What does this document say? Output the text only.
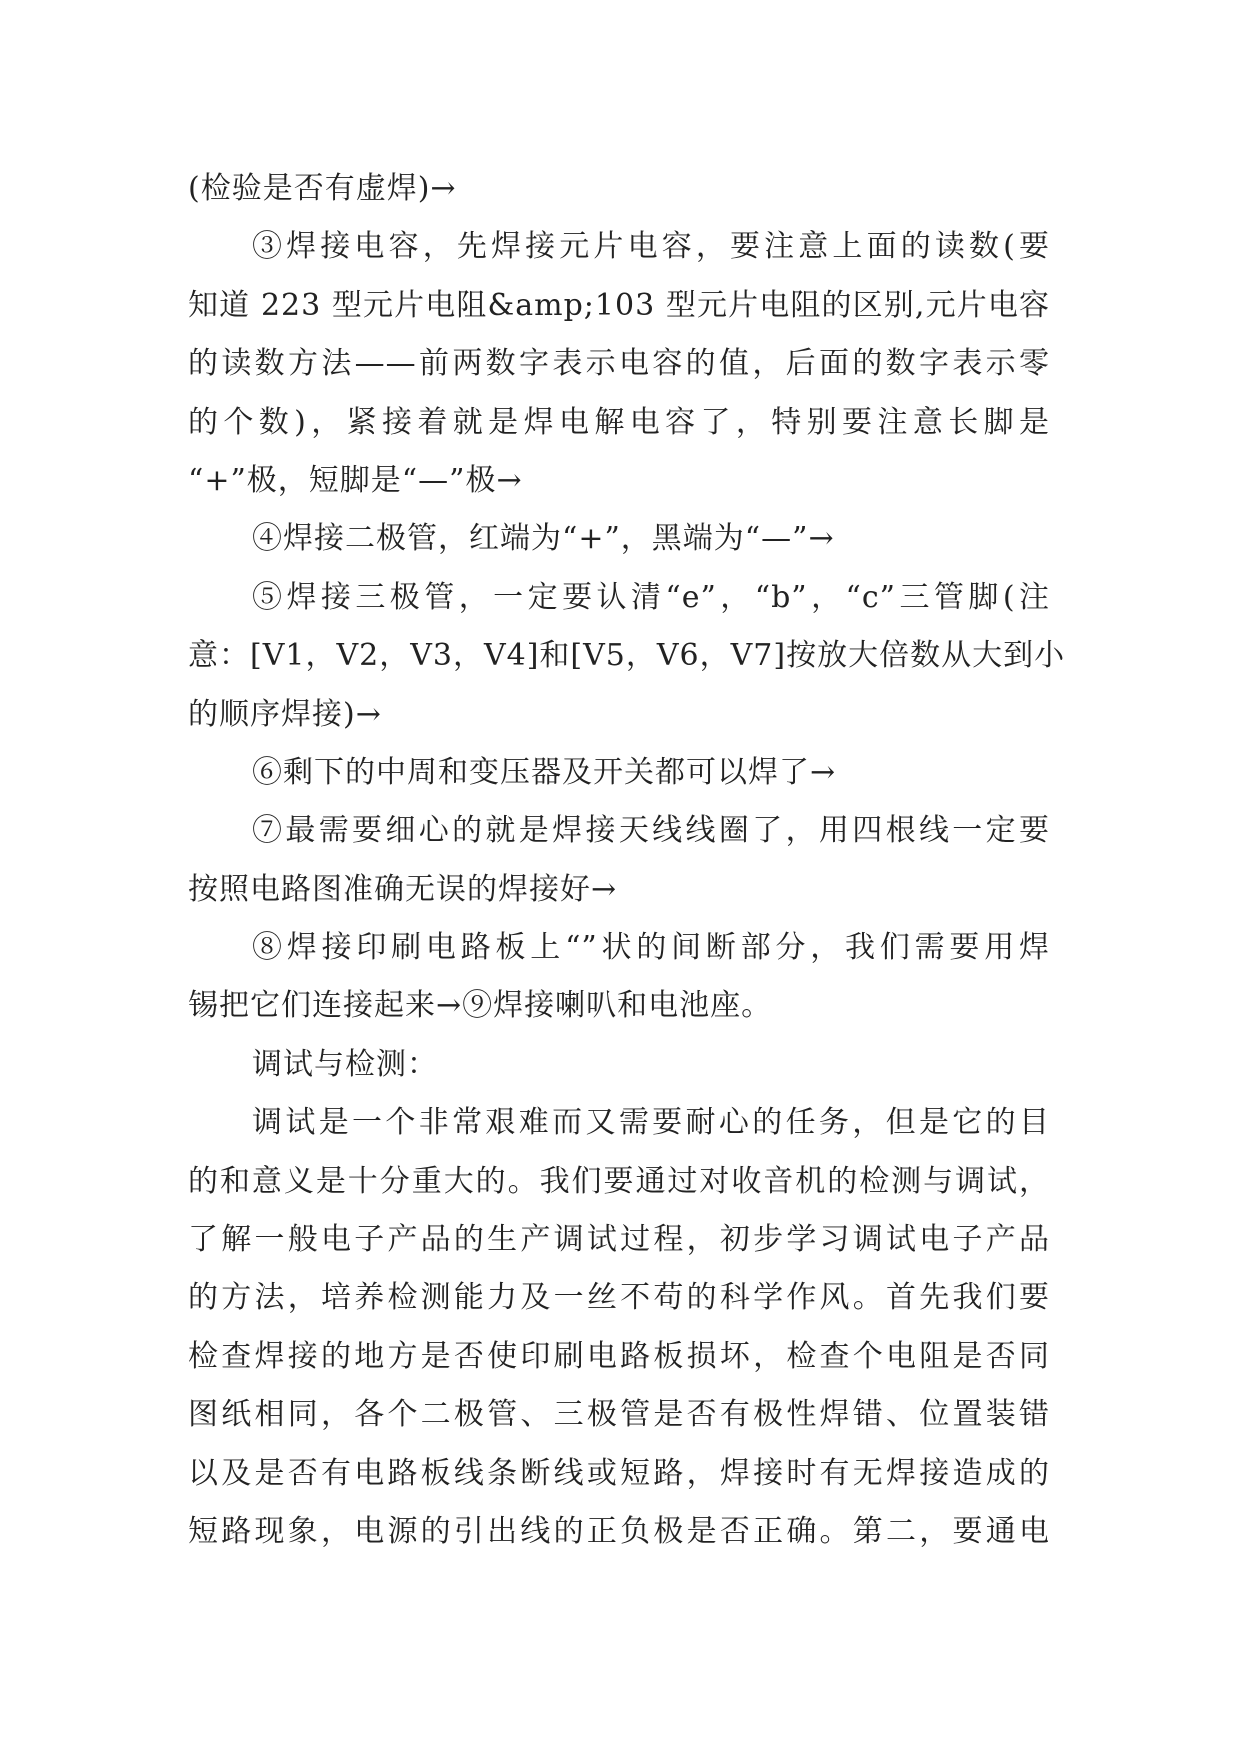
(检验是否有虚焊)→
③焊接电容，先焊接元片电容，要注意上面的读数(要
知道 223 型元片电阻&amp;103 型元片电阻的区别,元片电容
的读数方法——前两数字表示电容的值，后面的数字表示零
的个数)，紧接着就是焊电解电容了，特别要注意长脚是
“+”极，短脚是“—”极→
④焊接二极管，红端为“+”，黑端为“—”→
⑤焊接三极管，一定要认清“e”，“b”，“c”三管脚(注
意：[V1，V2，V3，V4]和[V5，V6，V7]按放大倍数从大到小
的顺序焊接)→
⑥剩下的中周和变压器及开关都可以焊了→
⑦最需要细心的就是焊接天线线圈了，用四根线一定要
按照电路图准确无误的焊接好→
⑧焊接印刷电路板上“”状的间断部分，我们需要用焊
锡把它们连接起来→⑨焊接喇叭和电池座。
调试与检测：
调试是一个非常艰难而又需要耐心的任务，但是它的目
的和意义是十分重大的。我们要通过对收音机的检测与调试，
了解一般电子产品的生产调试过程，初步学习调试电子产品
的方法，培养检测能力及一丝不苟的科学作风。首先我们要
检查焊接的地方是否使印刷电路板损坏，检查个电阻是否同
图纸相同，各个二极管、三极管是否有极性焊错、位置装错
以及是否有电路板线条断线或短路，焊接时有无焊接造成的
短路现象，电源的引出线的正负极是否正确。第二，要通电
